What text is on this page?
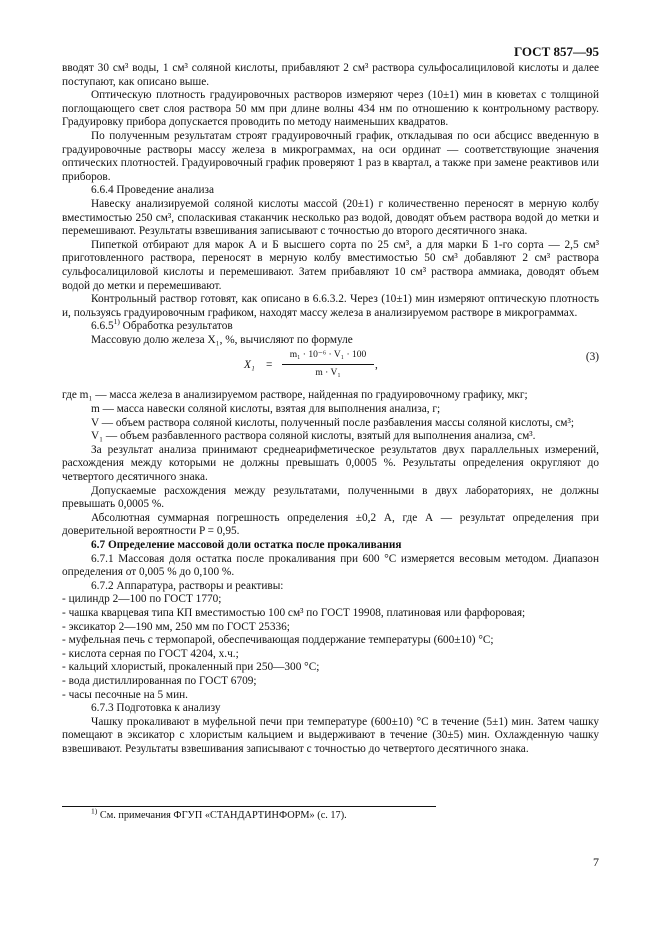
ГОСТ 857—95

вводят 30 см³ воды, 1 см³ соляной кислоты, прибавляют 2 см³ раствора сульфосалициловой кислоты и далее поступают, как описано выше.

Оптическую плотность градуировочных растворов измеряют через (10±1) мин в кюветах с толщиной поглощающего свет слоя раствора 50 мм при длине волны 434 нм по отношению к контрольному раствору. Градуировку прибора допускается проводить по методу наименьших квадратов.

По полученным результатам строят градуировочный график, откладывая по оси абсцисс введенную в градуировочные растворы массу железа в микрограммах, на оси ординат — соответствующие значения оптических плотностей. Градуировочный график проверяют 1 раз в квартал, а также при замене реактивов или приборов.

6.6.4 Проведение анализа

Навеску анализируемой соляной кислоты массой (20±1) г количественно переносят в мерную колбу вместимостью 250 см³, споласкивая стаканчик несколько раз водой, доводят объем раствора водой до метки и перемешивают. Результаты взвешивания записывают с точностью до второго десятичного знака.

Пипеткой отбирают для марок А и Б высшего сорта по 25 см³, а для марки Б 1-го сорта — 2,5 см³ приготовленного раствора, переносят в мерную колбу вместимостью 50 см³ добавляют 2 см³ раствора сульфосалициловой кислоты и перемешивают. Затем прибавляют 10 см³ раствора аммиака, доводят объем водой до метки и перемешивают.

Контрольный раствор готовят, как описано в 6.6.3.2. Через (10±1) мин измеряют оптическую плотность и, пользуясь градуировочным графиком, находят массу железа в анализируемом растворе в микрограммах.

6.6.5$^{1)}$ Обработка результатов

Массовую долю железа X₁, %, вычисляют по формуле

$X_1 = \frac{\text{m₁ · 10⁻⁶ · V₁ · 100}}{\text{m · V₁}}$ ,
(3)

где m₁ — масса железа в анализируемом растворе, найденная по градуировочному графику, мкг;

m — масса навески соляной кислоты, взятая для выполнения анализа, г;

V — объем раствора соляной кислоты, полученный после разбавления массы соляной кислоты, см³;

V₁ — объем разбавленного раствора соляной кислоты, взятый для выполнения анализа, см³.

За результат анализа принимают среднеарифметическое результатов двух параллельных измерений, расхождения между которыми не должны превышать 0,0005 %. Результаты определения округляют до четвертого десятичного знака.

Допускаемые расхождения между результатами, полученными в двух лабораториях, не должны превышать 0,0005 %.

Абсолютная суммарная погрешность определения ±0,2 А, где А — результат определения при доверительной вероятности P = 0,95.

6.7 Определение массовой доли остатка после прокаливания

6.7.1 Массовая доля остатка после прокаливания при 600 °С измеряется весовым методом. Диапазон определения от 0,005 % до 0,100 %.

6.7.2 Аппаратура, растворы и реактивы:

- цилиндр 2—100 по ГОСТ 1770;

- чашка кварцевая типа КП вместимостью 100 см³ по ГОСТ 19908, платиновая или фарфоровая;

- эксикатор 2—190 мм, 250 мм по ГОСТ 25336;

- муфельная печь с термопарой, обеспечивающая поддержание температуры (600±10) °С;

- кислота серная по ГОСТ 4204, х.ч.;

- кальций хлористый, прокаленный при 250—300 °С;

- вода дистиллированная по ГОСТ 6709;

- часы песочные на 5 мин.

6.7.3 Подготовка к анализу

Чашку прокаливают в муфельной печи при температуре (600±10) °С в течение (5±1) мин. Затем чашку помещают в эксикатор с хлористым кальцием и выдерживают в течение (30±5) мин. Охлажденную чашку взвешивают. Результаты взвешивания записывают с точностью до четвертого десятичного знака.

$^{1)}$ См. примечания ФГУП «СТАНДАРТИНФОРМ» (с. 17).
7
